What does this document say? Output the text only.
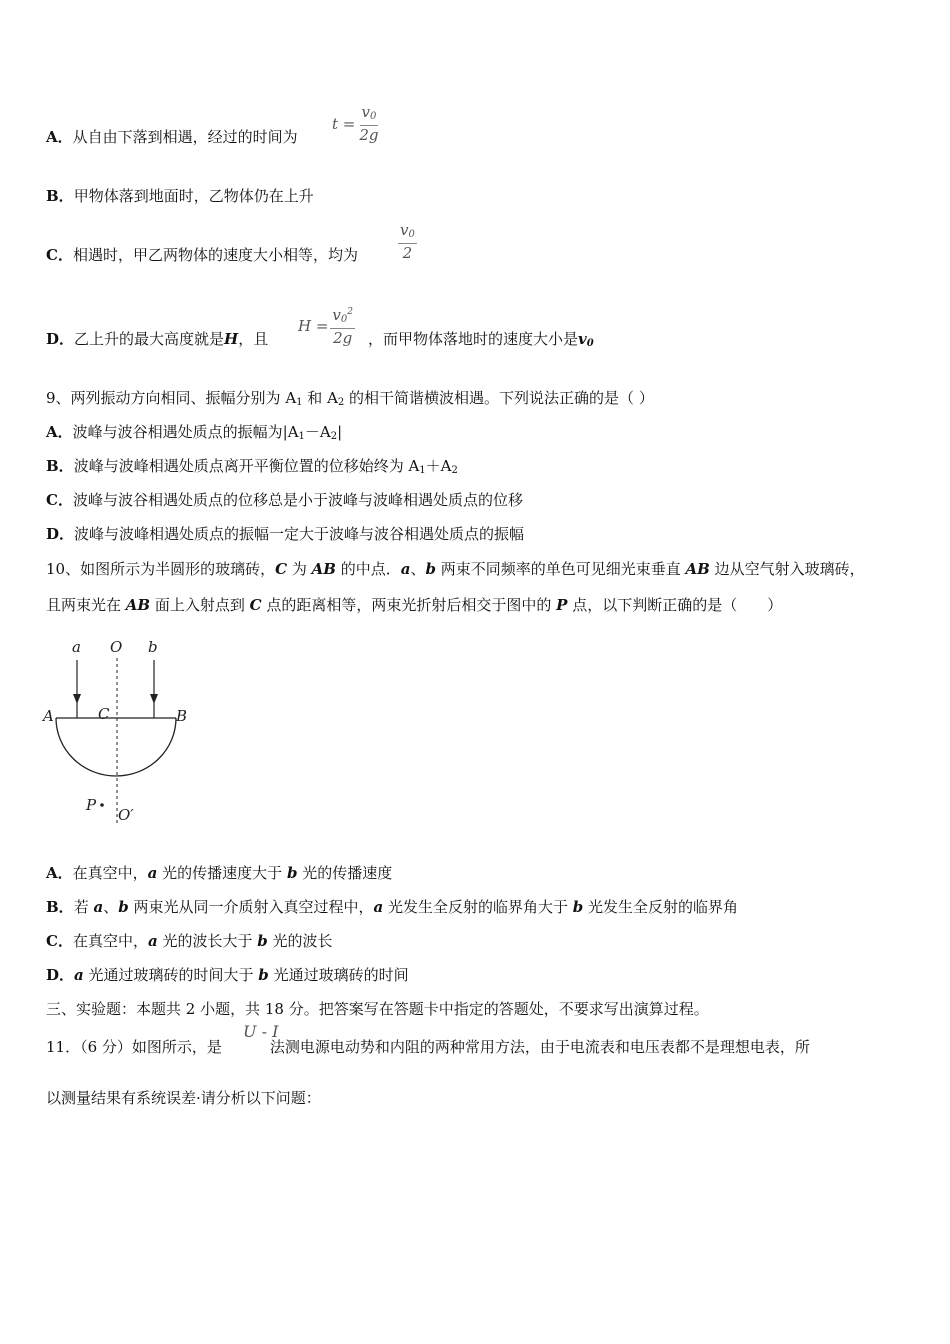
A．从自由下落到相遇，经过的时间为
$t = \frac{v_0}{2g}$
B．甲物体落到地面时，乙物体仍在上升
C．相遇时，甲乙两物体的速度大小相等，均为	$\frac{v_0}{2}$
D．乙上升的最大高度就是H，且
$H = \frac{v_0^2}{2g}$ ，而甲物体落地时的速度大小是$v_0$
9、两列振动方向相同、振幅分别为 $A_1$ 和 $A_2$ 的相干简谐横波相遇。下列说法正确的是（ ）
A．波峰与波谷相遇处质点的振幅为$|A_1-A_2|$
B．波峰与波峰相遇处质点离开平衡位置的位移始终为 $A_1+A_2$
C．波峰与波谷相遇处质点的位移总是小于波峰与波峰相遇处质点的位移
D．波峰与波峰相遇处质点的振幅一定大于波峰与波谷相遇处质点的振幅
10、如图所示为半圆形的玻璃砖，C 为 AB 的中点．a、b 两束不同频率的单色可见细光束垂直 AB 边从空气射入玻璃砖，
且两束光在 AB 面上入射点到 C 点的距离相等，两束光折射后相交于图中的 P 点，以下判断正确的是（　　）
a O b
A	C	B
P
O′
A．在真空中，a 光的传播速度大于 b 光的传播速度
B．若 a、b 两束光从同一介质射入真空过程中，a 光发生全反射的临界角大于 b 光发生全反射的临界角
C．在真空中，a 光的波长大于 b 光的波长
D．a 光通过玻璃砖的时间大于 b 光通过玻璃砖的时间
三、实验题：本题共 2 小题，共 18 分。把答案写在答题卡中指定的答题处，不要求写出演算过程。
11．（6 分）如图所示，是	法测电源电动势和内阻的两种常用方法，由于电流表和电压表都不是理想电表，所
U - I
以测量结果有系统误差·请分析以下问题：
